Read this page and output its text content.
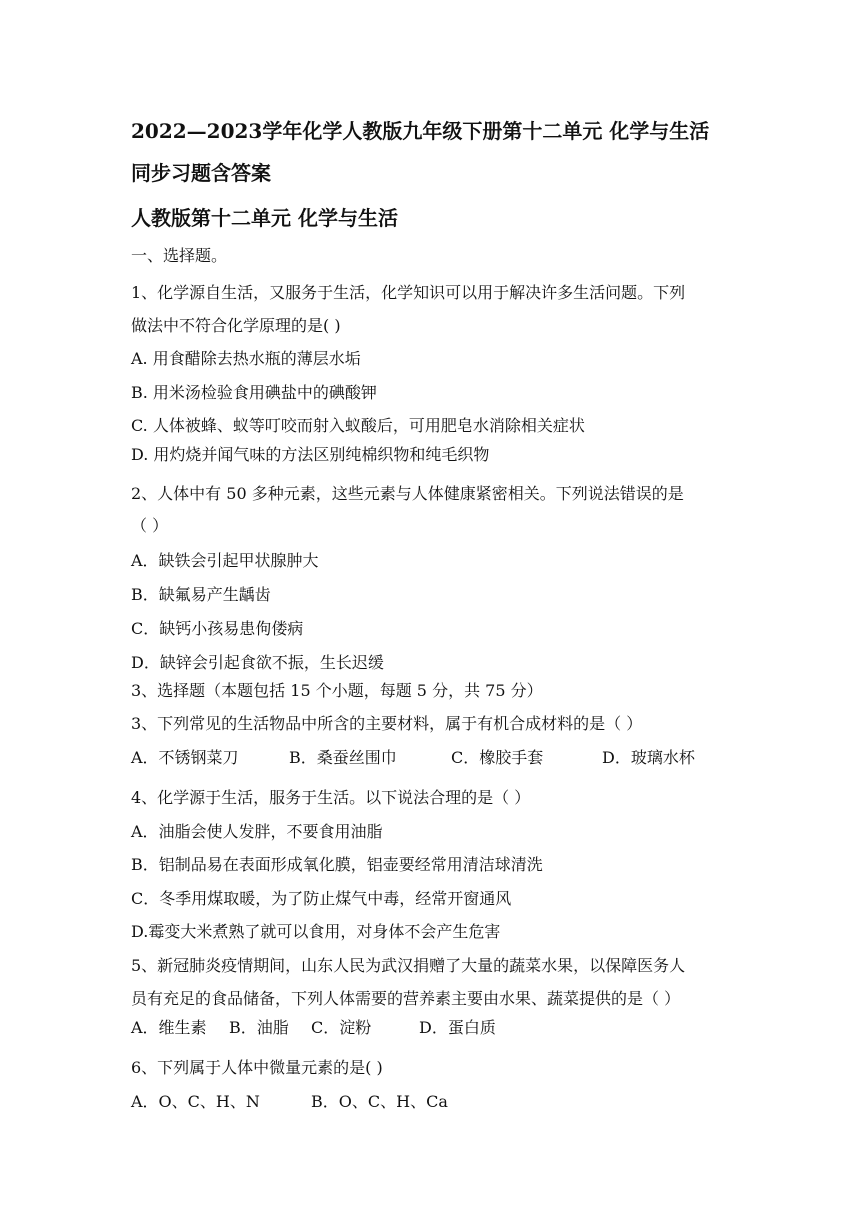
2022—2023学年化学人教版九年级下册第十二单元 化学与生活
同步习题含答案
人教版第十二单元 化学与生活
一、选择题。
1、化学源自生活，又服务于生活，化学知识可以用于解决许多生活问题。下列
做法中不符合化学原理的是( )
A. 用食醋除去热水瓶的薄层水垢
B. 用米汤检验食用碘盐中的碘酸钾
C. 人体被蜂、蚁等叮咬而射入蚁酸后，可用肥皂水消除相关症状
D. 用灼烧并闻气味的方法区别纯棉织物和纯毛织物
2、人体中有 50 多种元素，这些元素与人体健康紧密相关。下列说法错误的是
（ ）
A．缺铁会引起甲状腺肿大
B．缺氟易产生龋齿
C．缺钙小孩易患佝偻病
D．缺锌会引起食欲不振，生长迟缓
3、选择题（本题包括 15 个小题，每题 5 分，共 75 分）
3、下列常见的生活物品中所含的主要材料，属于有机合成材料的是（ ）
A．不锈钢菜刀	B．桑蚕丝围巾	C．橡胶手套	D．玻璃水杯
4、化学源于生活，服务于生活。以下说法合理的是（ ）
A．油脂会使人发胖，不要食用油脂
B．铝制品易在表面形成氧化膜，铝壶要经常用清洁球清洗
C．冬季用煤取暖，为了防止煤气中毒，经常开窗通风
D.霉变大米煮熟了就可以食用，对身体不会产生危害
5、新冠肺炎疫情期间，山东人民为武汉捐赠了大量的蔬菜水果，以保障医务人
员有充足的食品储备，下列人体需要的营养素主要由水果、蔬菜提供的是（ ）
A．维生素 B．油脂 C．淀粉	D．蛋白质
6、下列属于人体中微量元素的是( )
A．O、C、H、N	B．O、C、H、Ca
